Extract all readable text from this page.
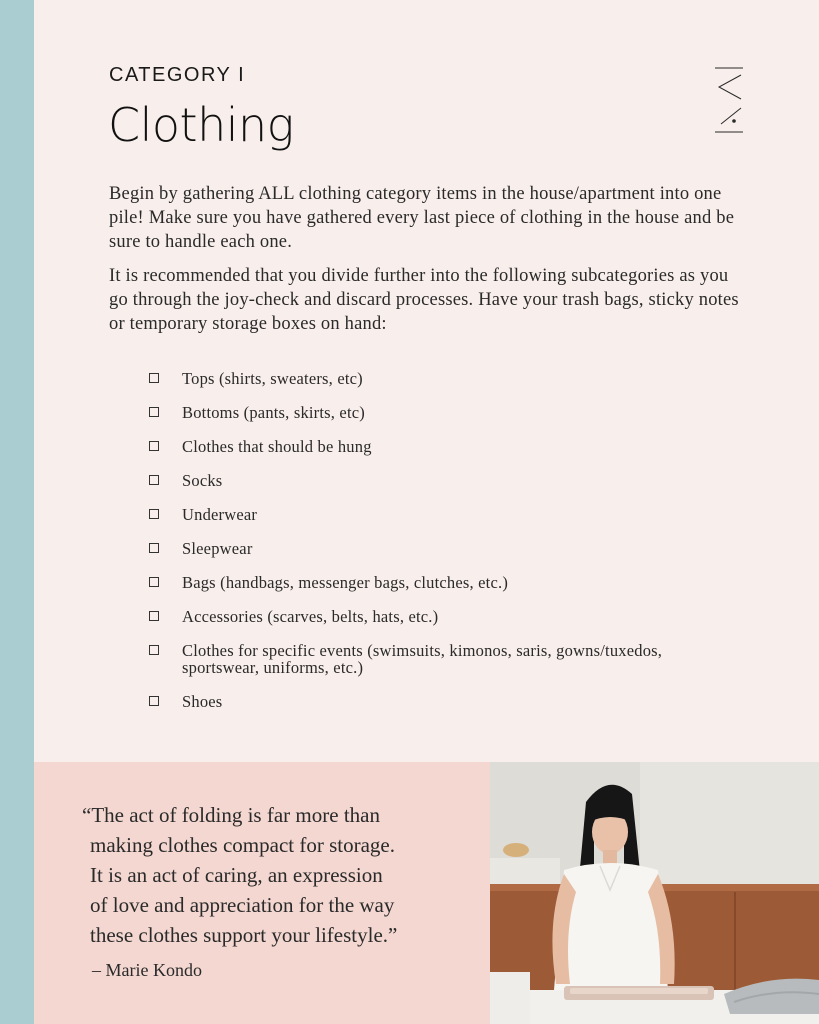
CATEGORY I
Clothing

Begin by gathering ALL clothing category items in the house/apartment into one pile! Make sure you have gathered every last piece of clothing in the house and be sure to handle each one.

It is recommended that you divide further into the following subcategories as you go through the joy-check and discard processes. Have your trash bags, sticky notes or temporary storage boxes on hand:

Tops (shirts, sweaters, etc)
Bottoms (pants, skirts, etc)
Clothes that should be hung
Socks
Underwear
Sleepwear
Bags (handbags, messenger bags, clutches, etc.)
Accessories (scarves, belts, hats, etc.)
Clothes for specific events (swimsuits, kimonos, saris, gowns/tuxedos, sportswear, uniforms, etc.)
Shoes

“The act of folding is far more than
making clothes compact for storage.
It is an act of caring, an expression
of love and appreciation for the way
these clothes support your lifestyle.”

– Marie Kondo
